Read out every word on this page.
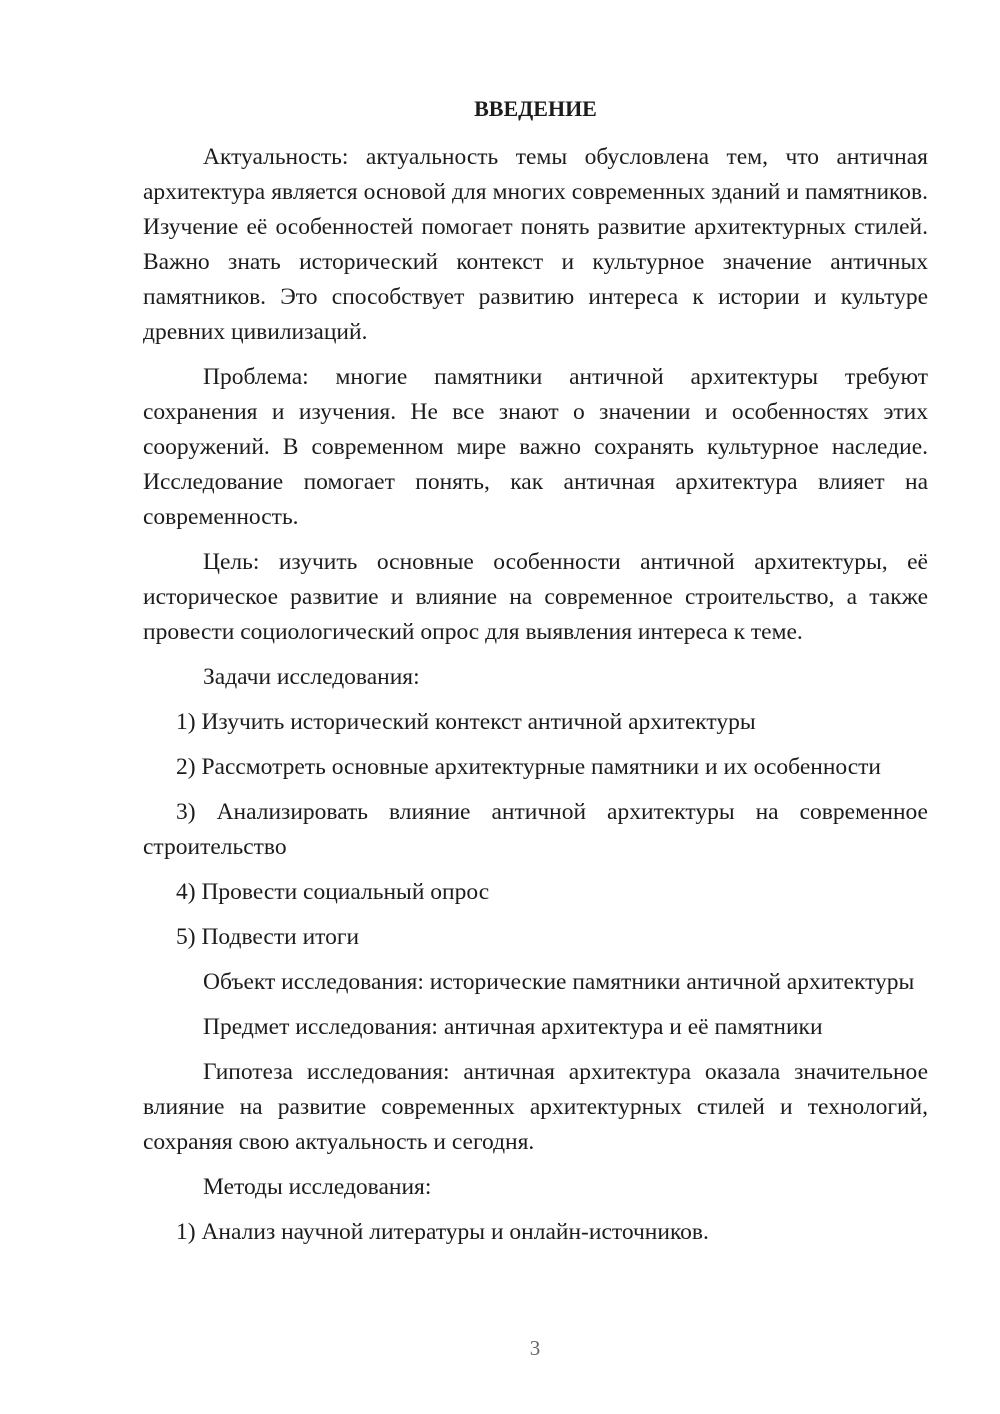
ВВЕДЕНИЕ

Актуальность: актуальность темы обусловлена тем, что античная архитектура является основой для многих современных зданий и памятников. Изучение её особенностей помогает понять развитие архитектурных стилей. Важно знать исторический контекст и культурное значение античных памятников. Это способствует развитию интереса к истории и культуре древних цивилизаций.

Проблема: многие памятники античной архитектуры требуют сохранения и изучения. Не все знают о значении и особенностях этих сооружений. В современном мире важно сохранять культурное наследие. Исследование помогает понять, как античная архитектура влияет на современность.

Цель: изучить основные особенности античной архитектуры, её историческое развитие и влияние на современное строительство, а также провести социологический опрос для выявления интереса к теме.

Задачи исследования:

1) Изучить исторический контекст античной архитектуры

2) Рассмотреть основные архитектурные памятники и их особенности

3) Анализировать влияние античной архитектуры на современное строительство

4) Провести социальный опрос

5) Подвести итоги

Объект исследования: исторические памятники античной архитектуры

Предмет исследования: античная архитектура и её памятники

Гипотеза исследования: античная архитектура оказала значительное влияние на развитие современных архитектурных стилей и технологий, сохраняя свою актуальность и сегодня.

Методы исследования:

1) Анализ научной литературы и онлайн-источников.

3
